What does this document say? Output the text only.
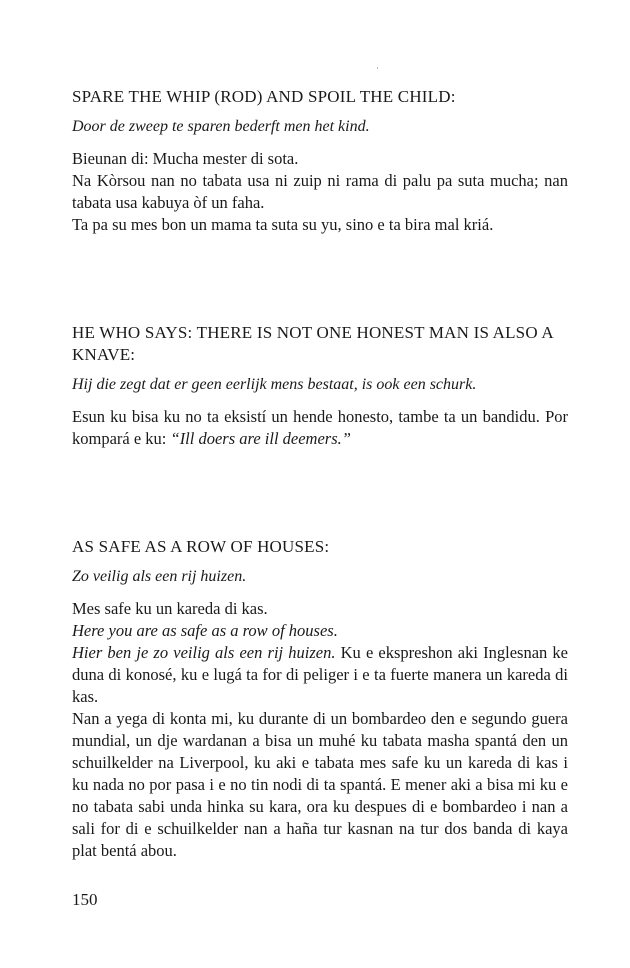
SPARE THE WHIP (ROD) AND SPOIL THE CHILD:

Door de zweep te sparen bederft men het kind.

Bieunan di: Mucha mester di sota.
Na Kòrsou nan no tabata usa ni zuip ni rama di palu pa suta mucha; nan tabata usa kabuya òf un faha.
Ta pa su mes bon un mama ta suta su yu, sino e ta bira mal kriá.

HE WHO SAYS: THERE IS NOT ONE HONEST MAN IS ALSO A KNAVE:

Hij die zegt dat er geen eerlijk mens bestaat, is ook een schurk.

Esun ku bisa ku no ta eksistí un hende honesto, tambe ta un bandidu. Por kompará e ku: “Ill doers are ill deemers.”

AS SAFE AS A ROW OF HOUSES:

Zo veilig als een rij huizen.

Mes safe ku un kareda di kas.
Here you are as safe as a row of houses.
Hier ben je zo veilig als een rij huizen. Ku e ekspreshon aki Inglesnan ke duna di konosé, ku e lugá ta for di peliger i e ta fuerte manera un kareda di kas.
Nan a yega di konta mi, ku durante di un bombardeo den e segundo guera mundial, un dje wardanan a bisa un muhé ku tabata masha spantá den un schuilkelder na Liverpool, ku aki e tabata mes safe ku un kareda di kas i ku nada no por pasa i e no tin nodi di ta spantá. E mener aki a bisa mi ku e no tabata sabi unda hinka su kara, ora ku despues di e bombardeo i nan a sali for di e schuilkelder nan a haña tur kasnan na tur dos banda di kaya plat bentá abou.

150
